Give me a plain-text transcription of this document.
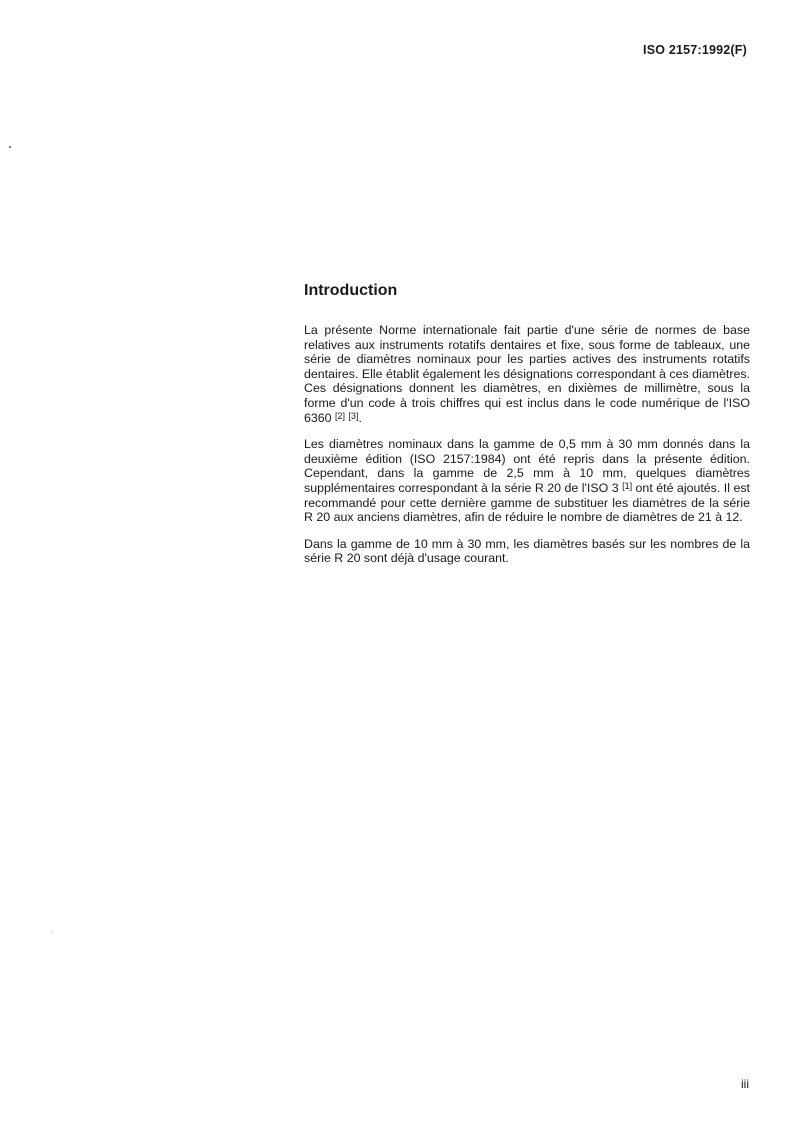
ISO 2157:1992(F)
Introduction

La présente Norme internationale fait partie d'une série de normes de base relatives aux instruments rotatifs dentaires et fixe, sous forme de tableaux, une série de diamètres nominaux pour les parties actives des instruments rotatifs dentaires. Elle établit également les désignations correspondant à ces diamètres. Ces désignations donnent les diamètres, en dixièmes de millimètre, sous la forme d'un code à trois chiffres qui est inclus dans le code numérique de l'ISO 6360 [2] [3].

Les diamètres nominaux dans la gamme de 0,5 mm à 30 mm donnés dans la deuxième édition (ISO 2157:1984) ont été repris dans la présente édition. Cependant, dans la gamme de 2,5 mm à 10 mm, quelques diamètres supplémentaires correspondant à la série R 20 de l'ISO 3 [1] ont été ajoutés. Il est recommandé pour cette dernière gamme de substituer les diamètres de la série R 20 aux anciens diamètres, afin de réduire le nombre de diamètres de 21 à 12.

Dans la gamme de 10 mm à 30 mm, les diamètres basés sur les nombres de la série R 20 sont déjà d'usage courant.

iii
